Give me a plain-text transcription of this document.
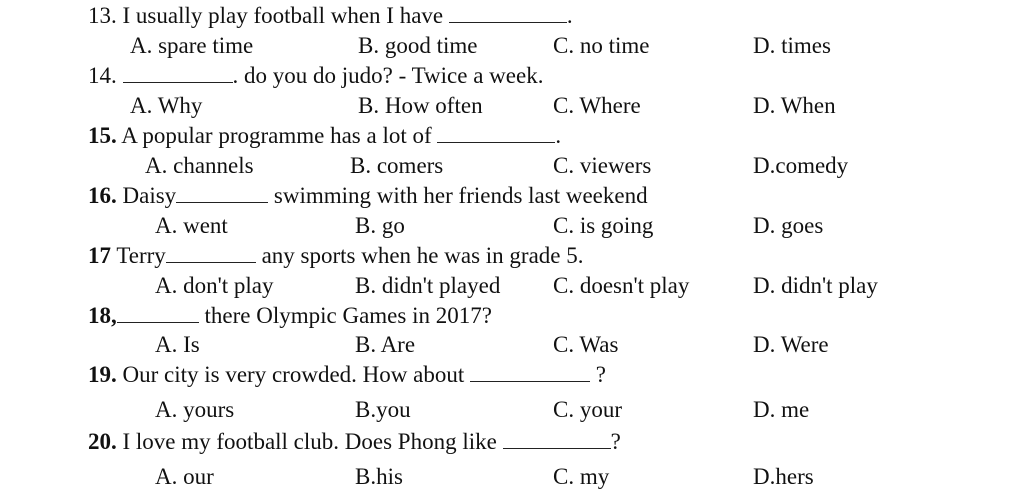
13. I usually play football when I have	.
A. spare time	B. good time	C. no time	D. times
14.	. do you do judo? - Twice a week.
A. Why	B. How often	C. Where	D. When
15. A popular programme has a lot of	.
A. channels	B. comers	C. viewers	D.comedy
16. Daisy	swimming with her friends last weekend
A. went	B. go	C. is going	D. goes
17 Terry	any sports when he was in grade 5.
A. don't play	B. didn't played C. doesn't play	D. didn't play
18,	there Olympic Games in 2017?
A. Is	B. Are	C. Was	D. Were
19. Our city is very crowded. How about	?
A. yours	B.you	C. your	D. me
20. I love my football club. Does Phong like	?
A. our	B.his	C. my	D.hers
